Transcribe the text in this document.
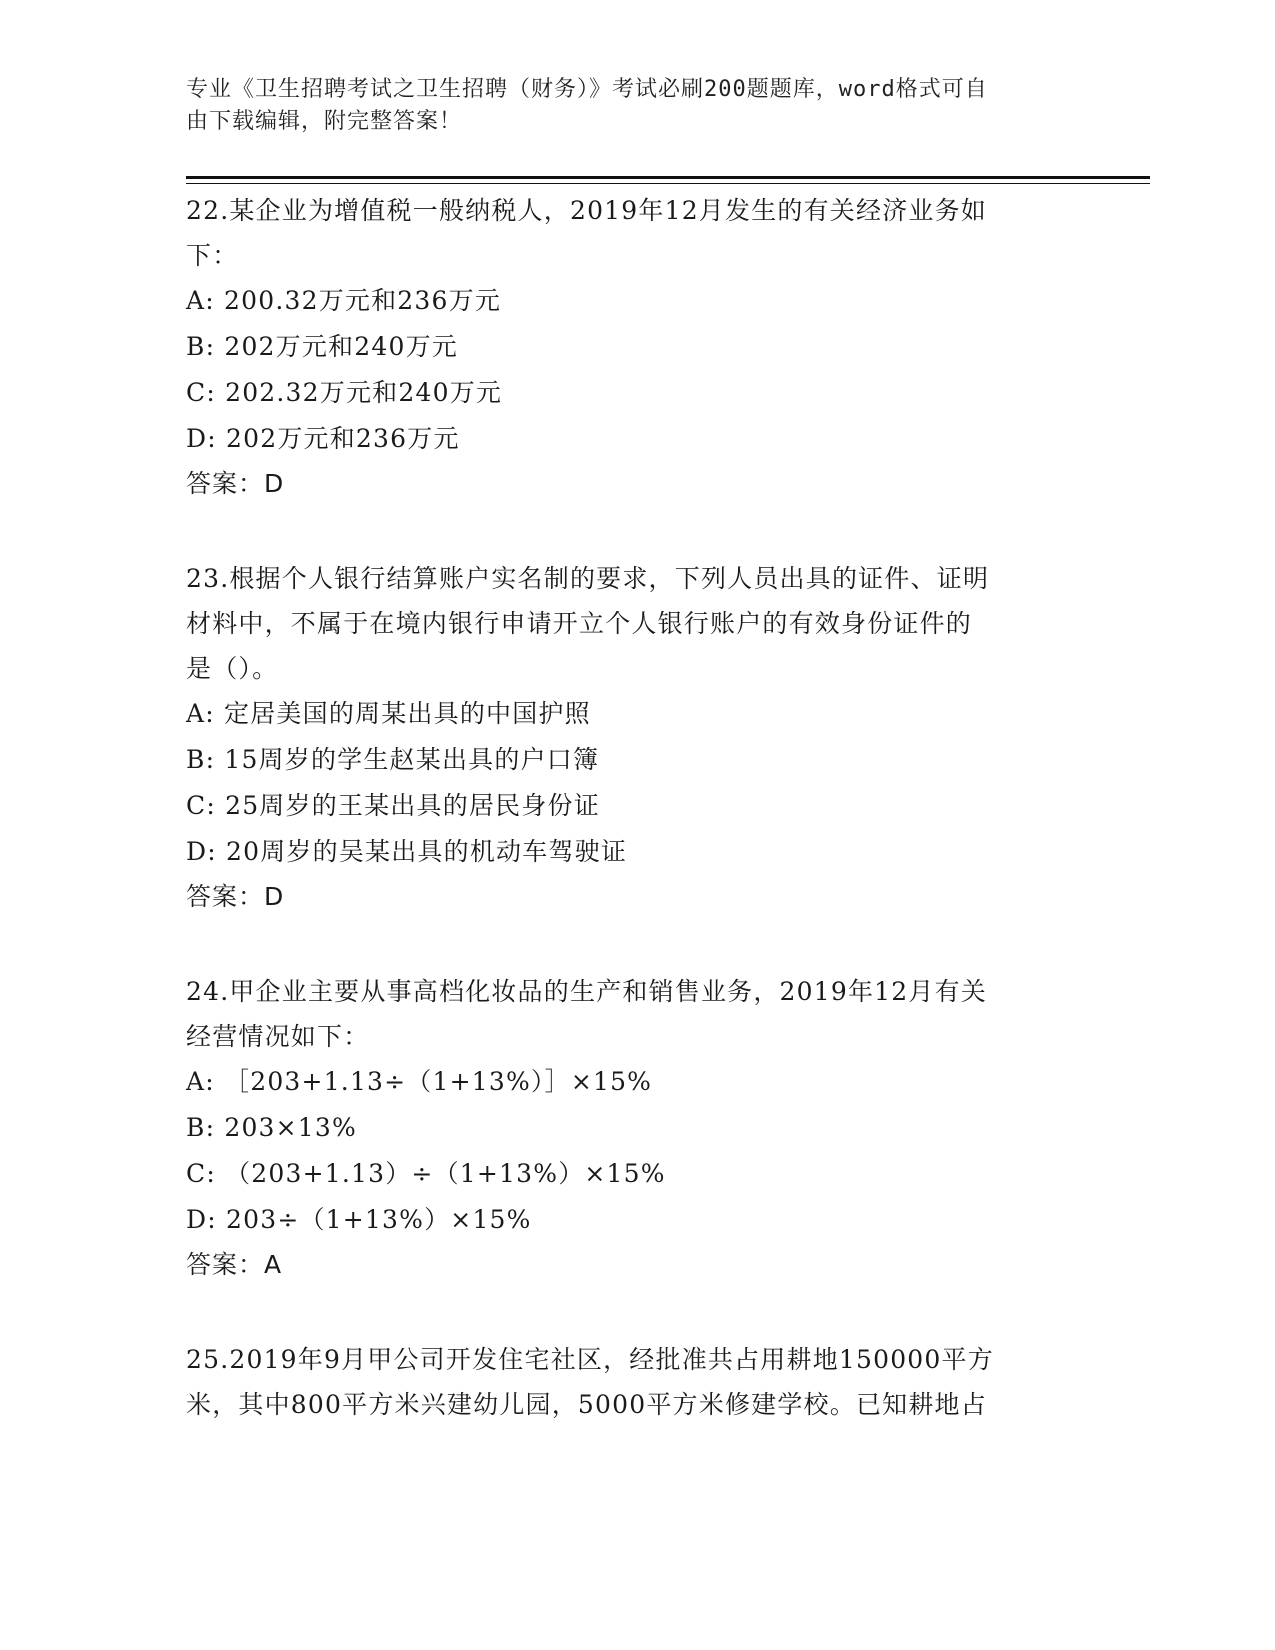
专业《卫生招聘考试之卫生招聘（财务）》考试必刷200题题库，word格式可自
由下载编辑，附完整答案！

22.某企业为增值税一般纳税人，2019年12月发生的有关经济业务如

下：

A: 200.32万元和236万元

B: 202万元和240万元

C: 202.32万元和240万元

D: 202万元和236万元

答案：D

23.根据个人银行结算账户实名制的要求，下列人员出具的证件、证明

材料中，不属于在境内银行申请开立个人银行账户的有效身份证件的

是（）。

A: 定居美国的周某出具的中国护照

B: 15周岁的学生赵某出具的户口簿

C: 25周岁的王某出具的居民身份证

D: 20周岁的吴某出具的机动车驾驶证

答案：D

24.甲企业主要从事高档化妆品的生产和销售业务，2019年12月有关

经营情况如下：

A: ［203+1.13÷（1+13%）］×15%

B: 203×13%

C: （203+1.13）÷（1+13%）×15%

D: 203÷（1+13%）×15%

答案：A

25.2019年9月甲公司开发住宅社区，经批准共占用耕地150000平方

米，其中800平方米兴建幼儿园，5000平方米修建学校。已知耕地占
